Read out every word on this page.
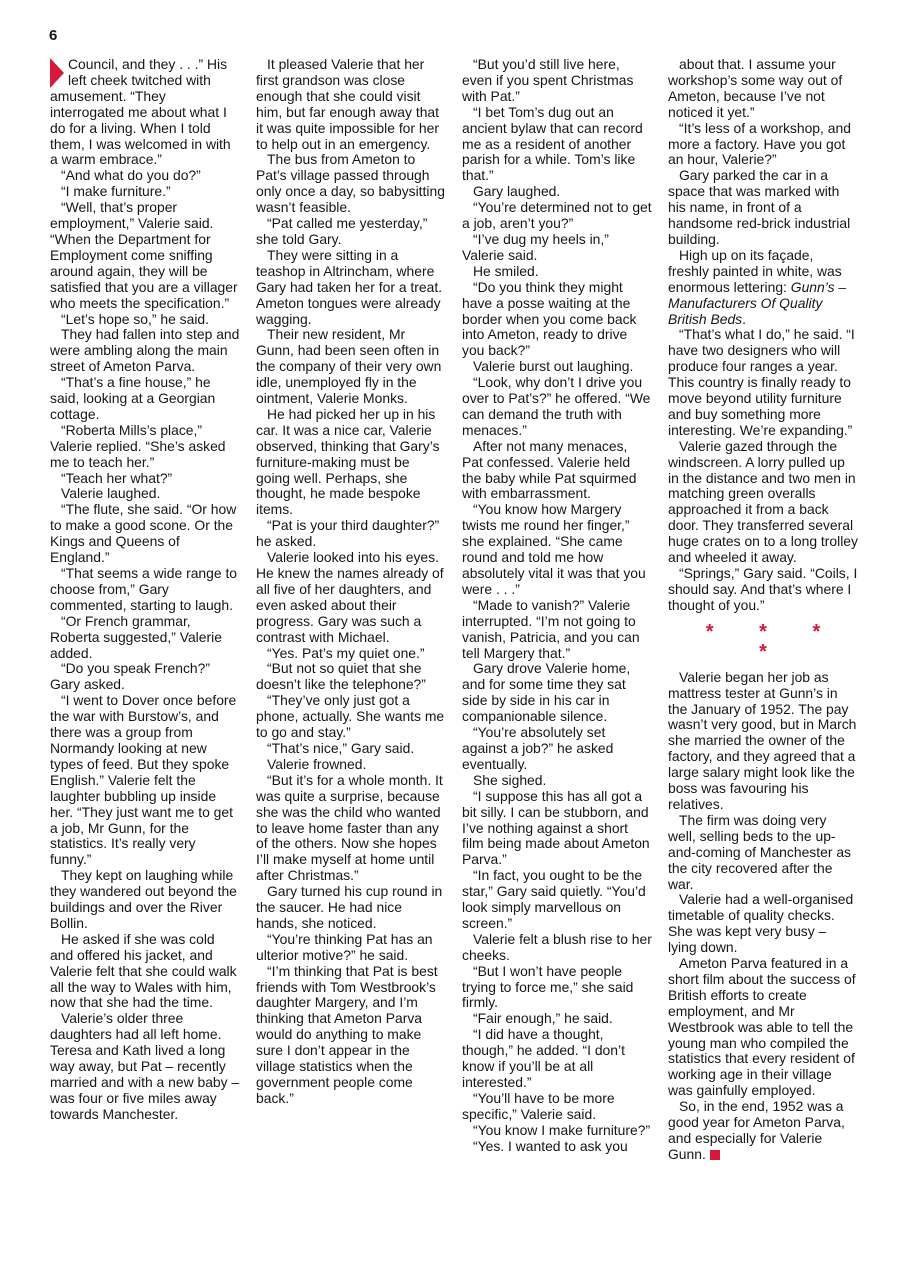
6

Council, and they . . .” His left cheek twitched with amusement. “They interrogated me about what I do for a living. When I told them, I was welcomed in with a warm embrace.”

“And what do you do?”

“I make furniture.”

“Well, that’s proper employment,” Valerie said. “When the Department for Employment come sniffing around again, they will be satisfied that you are a villager who meets the specification.”

“Let’s hope so,” he said.

They had fallen into step and were ambling along the main street of Ameton Parva.

“That’s a fine house,” he said, looking at a Georgian cottage.

“Roberta Mills’s place,” Valerie replied. “She’s asked me to teach her.”

“Teach her what?”

Valerie laughed.

“The flute, she said. “Or how to make a good scone. Or the Kings and Queens of England.”

“That seems a wide range to choose from,” Gary commented, starting to laugh.

“Or French grammar, Roberta suggested,” Valerie added.

“Do you speak French?” Gary asked.

“I went to Dover once before the war with Burstow’s, and there was a group from Normandy looking at new types of feed. But they spoke English.” Valerie felt the laughter bubbling up inside her. “They just want me to get a job, Mr Gunn, for the statistics. It’s really very funny.”

They kept on laughing while they wandered out beyond the buildings and over the River Bollin.

He asked if she was cold and offered his jacket, and Valerie felt that she could walk all the way to Wales with him, now that she had the time.

Valerie’s older three daughters had all left home. Teresa and Kath lived a long way away, but Pat – recently married and with a new baby – was four or five miles away towards Manchester.

It pleased Valerie that her first grandson was close enough that she could visit him, but far enough away that it was quite impossible for her to help out in an emergency.

The bus from Ameton to Pat’s village passed through only once a day, so babysitting wasn’t feasible.

“Pat called me yesterday,” she told Gary.

They were sitting in a teashop in Altrincham, where Gary had taken her for a treat. Ameton tongues were already wagging.

Their new resident, Mr Gunn, had been seen often in the company of their very own idle, unemployed fly in the ointment, Valerie Monks.

He had picked her up in his car. It was a nice car, Valerie observed, thinking that Gary’s furniture-making must be going well. Perhaps, she thought, he made bespoke items.

“Pat is your third daughter?” he asked.

Valerie looked into his eyes. He knew the names already of all five of her daughters, and even asked about their progress. Gary was such a contrast with Michael.

“Yes. Pat’s my quiet one.”

“But not so quiet that she doesn’t like the telephone?”

“They’ve only just got a phone, actually. She wants me to go and stay.”

“That’s nice,” Gary said.

Valerie frowned.

“But it’s for a whole month. It was quite a surprise, because she was the child who wanted to leave home faster than any of the others. Now she hopes I’ll make myself at home until after Christmas.”

Gary turned his cup round in the saucer. He had nice hands, she noticed.

“You’re thinking Pat has an ulterior motive?” he said.

“I’m thinking that Pat is best friends with Tom Westbrook’s daughter Margery, and I’m thinking that Ameton Parva would do anything to make sure I don’t appear in the village statistics when the government people come back.”

“But you’d still live here, even if you spent Christmas with Pat.”

“I bet Tom’s dug out an ancient bylaw that can record me as a resident of another parish for a while. Tom’s like that.”

Gary laughed.

“You’re determined not to get a job, aren’t you?”

“I’ve dug my heels in,” Valerie said.

He smiled.

“Do you think they might have a posse waiting at the border when you come back into Ameton, ready to drive you back?”

Valerie burst out laughing.

“Look, why don’t I drive you over to Pat’s?” he offered. “We can demand the truth with menaces.”

After not many menaces, Pat confessed. Valerie held the baby while Pat squirmed with embarrassment.

“You know how Margery twists me round her finger,” she explained. “She came round and told me how absolutely vital it was that you were . . .”

“Made to vanish?” Valerie interrupted. “I’m not going to vanish, Patricia, and you can tell Margery that.”

Gary drove Valerie home, and for some time they sat side by side in his car in companionable silence.

“You’re absolutely set against a job?” he asked eventually.

She sighed.

“I suppose this has all got a bit silly. I can be stubborn, and I’ve nothing against a short film being made about Ameton Parva.”

“In fact, you ought to be the star,” Gary said quietly. “You’d look simply marvellous on screen.”

Valerie felt a blush rise to her cheeks.

“But I won’t have people trying to force me,” she said firmly.

“Fair enough,” he said.

“I did have a thought, though,” he added. “I don’t know if you’ll be at all interested.”

“You’ll have to be more specific,” Valerie said.

“You know I make furniture?”

“Yes. I wanted to ask you

about that. I assume your workshop’s some way out of Ameton, because I’ve not noticed it yet.”

“It’s less of a workshop, and more a factory. Have you got an hour, Valerie?”

Gary parked the car in a space that was marked with his name, in front of a handsome red-brick industrial building.

High up on its façade, freshly painted in white, was enormous lettering: Gunn’s – Manufacturers Of Quality British Beds.

“That’s what I do,” he said. “I have two designers who will produce four ranges a year. This country is finally ready to move beyond utility furniture and buy something more interesting. We’re expanding.”

Valerie gazed through the windscreen. A lorry pulled up in the distance and two men in matching green overalls approached it from a back door. They transferred several huge crates on to a long trolley and wheeled it away.

“Springs,” Gary said. “Coils, I should say. And that’s where I thought of you.”

* * * *

Valerie began her job as mattress tester at Gunn’s in the January of 1952. The pay wasn’t very good, but in March she married the owner of the factory, and they agreed that a large salary might look like the boss was favouring his relatives.

The firm was doing very well, selling beds to the up-and-coming of Manchester as the city recovered after the war.

Valerie had a well-organised timetable of quality checks. She was kept very busy – lying down.

Ameton Parva featured in a short film about the success of British efforts to create employment, and Mr Westbrook was able to tell the young man who compiled the statistics that every resident of working age in their village was gainfully employed.

So, in the end, 1952 was a good year for Ameton Parva, and especially for Valerie Gunn.
